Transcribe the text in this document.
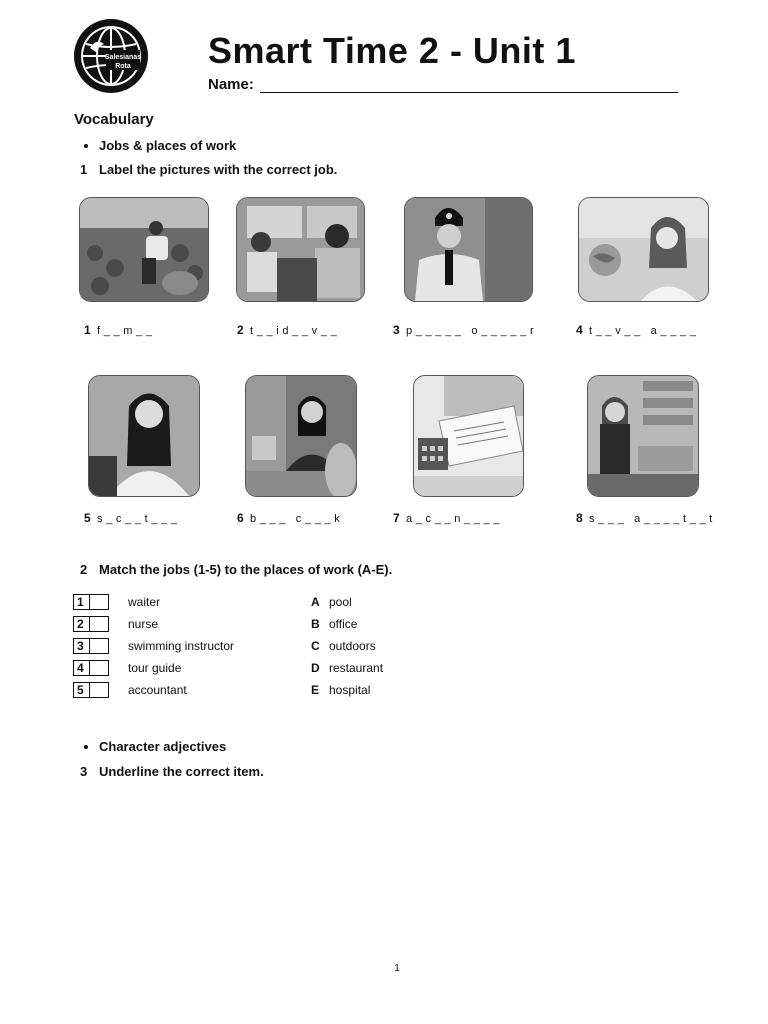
Salesianas
Rota Smart Time 2 - Unit 1
Name:
Vocabulary
Jobs & places of work
1 Label the pictures with the correct job.
1 f _ _ m _ _	2 t _ _ i d _ _ v _ _	3 p _ _ _ _ _   o _ _ _ _ _ r	4 t _ _ v _ _   a _ _ _ _
5 s _ c _ _ t _ _ _	6 b _ _ _   c _ _ _ k	7 a _ c _ _ n _ _ _ _	8 s _ _ _   a _ _ _ _ t _ _ t
2 Match the jobs (1-5) to the places of work (A-E).
1	waiter	A pool
2	nurse	B office
3	swimming instructor	C outdoors
4	tour guide	D restaurant
5	accountant	E hospital
Character adjectives
3 Underline the correct item.
1
